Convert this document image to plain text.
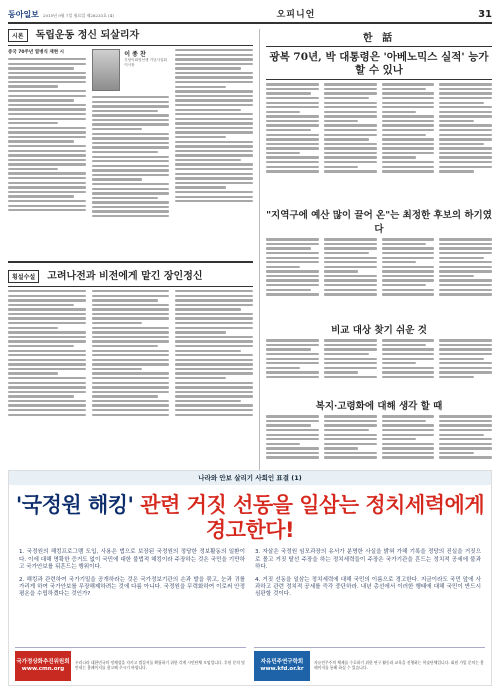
동아일보 2015년 9월 7일 월요일 제28233호 (4)	오피니언	31
시론	독립운동 정신 되살리자
중국 70주년 열병식 재현 시	이 종 찬
우당이회영선생 기념사업회 이사장
횡설수설	고려나전과 비전에게 맡긴 장인정신
한 話
광복 70년, 박 대통령은 '아베노믹스 실적' 능가할 수 있나
"지역구에 예산 많이 끌어 온"는 최정한 후보의 하기였다
비교 대상 찾기 쉬운 것
복지·고령화에 대해 생각 할 때
나라와 안보 살리기 사회인 표결 (1)
'국정원 해킹' 관련 거짓 선동을 일삼는 정치세력에게 경고한다!
1. 국정원의 해킹프로그램 도입, 사용은 법으로 보장된 국정원의 정당한 정보활동의 일환이다. 이에 대해 명확한 증거도 없이 국민에 대한 불법적 해킹이라 주장하는 것은 국민을 기만하고 국가안보를 뒤흔드는 행위이다.
2. 해킹과 관련하여 국가기밀을 공개하라는 것은 국가정보기관의 손과 발을 묶고, 눈과 귀를 가리게 하여 국가안보를 무장해제하려는 것에 다름 아니다. 국정원을 무력화하여 이로써 안정평온을 수립하겠다는 것인가?
3. 자살은 국정원 임모과장의 유서가 분명한 사실을 밝혀 가해 기록을 정당의 진실을 거짓으로 몰고 거짓 탈선 주장을 하는 정치세력들이 주장은 국가기관을 흔드는 정치적 공세에 불과하다.
4. 거짓 선동을 일삼는 정치세력에 대해 국민의 이름으로 경고한다. 지금이라도 국민 앞에 사과하고 관련 정치적 공세를 즉각 중단하라. 내년 총선에서 이러한 행태에 대해 국민이 반드시 심판할 것이다.
국가정상화추진위원회
www.cmn.org
우리나라 대한민국의 정체성을 지키고 법질서를 확립하기 위한 각계 시민단체 모임입니다. 후원 문의 및 안내는 홈페이지를 참고해 주시기 바랍니다.
자유민주연구학회
www.kfd.or.kr
자유민주주의 체제를 수호하기 위한 연구 활동과 교육을 진행하는 학술단체입니다. 회원 가입 문의는 홈페이지를 통해 하실 수 있습니다.
